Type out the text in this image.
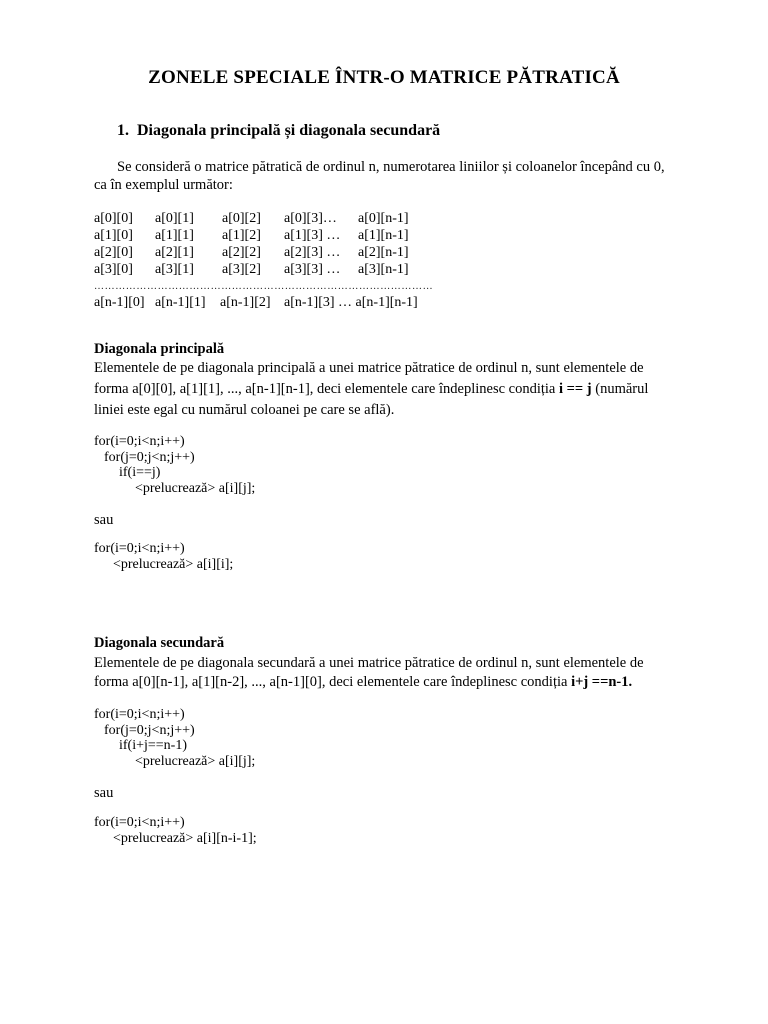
ZONELE SPECIALE ÎNTR-O MATRICE PĂTRATICĂ
1. Diagonala principală și diagonala secundară
Se consideră o matrice pătratică de ordinul n, numerotarea liniilor și coloanelor începând cu 0,
ca în exemplul următor:
a[0][0] a[0][1] a[0][2] a[0][3]… a[0][n-1]
a[1][0] a[1][1] a[1][2] a[1][3] … a[1][n-1]
a[2][0] a[2][1] a[2][2] a[2][3] … a[2][n-1]
a[3][0] a[3][1] a[3][2] a[3][3] … a[3][n-1]
……………………………………………………………………………………
a[n-1][0] a[n-1][1] a[n-1][2] a[n-1][3] … a[n-1][n-1]
Diagonala principală
Elementele de pe diagonala principală a unei matrice pătratice de ordinul n, sunt elementele de
forma a[0][0], a[1][1], ..., a[n-1][n-1], deci elementele care îndeplinesc condiția i == j (numărul
liniei este egal cu numărul coloanei pe care se află).
for(i=0;i<n;i++)
for(j=0;j<n;j++)
if(i==j)
<prelucrează> a[i][j];
sau
for(i=0;i<n;i++)
<prelucrează> a[i][i];
Diagonala secundară
Elementele de pe diagonala secundară a unei matrice pătratice de ordinul n, sunt elementele de
forma a[0][n-1], a[1][n-2], ..., a[n-1][0], deci elementele care îndeplinesc condiția i+j ==n-1.
for(i=0;i<n;i++)
for(j=0;j<n;j++)
if(i+j==n-1)
<prelucrează> a[i][j];
sau
for(i=0;i<n;i++)
<prelucrează> a[i][n-i-1];
